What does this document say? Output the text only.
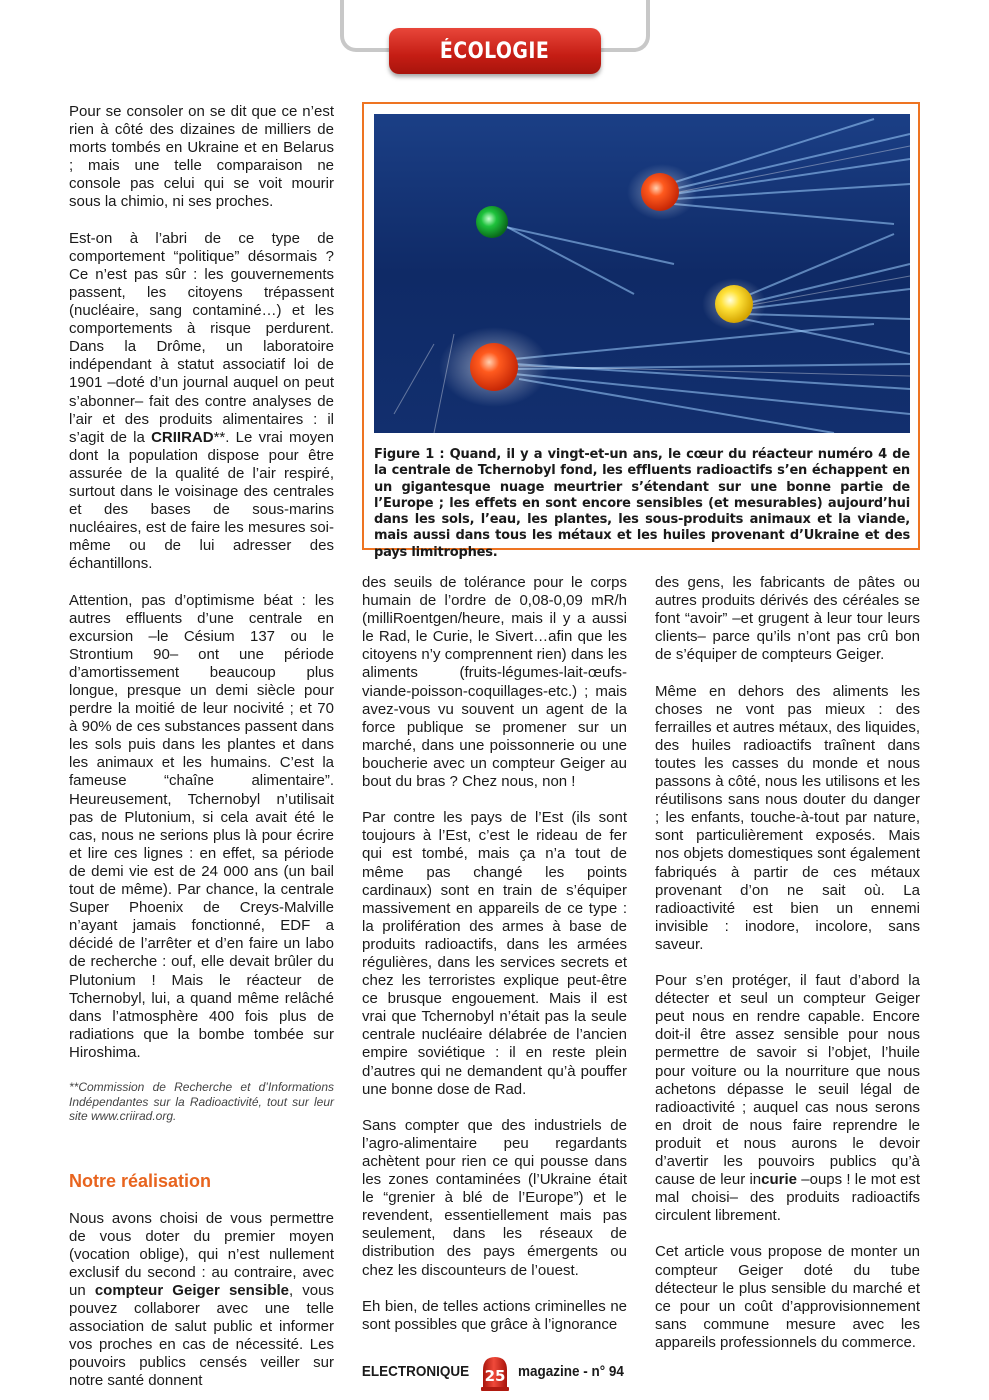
ÉCOLOGIE

Pour se consoler on se dit que ce n’est rien à côté des dizaines de milliers de morts tombés en Ukraine et en Belarus ; mais une telle comparaison ne console pas celui qui se voit mourir sous la chimio, ni ses proches.

Est-on à l’abri de ce type de comportement “politique” désormais ? Ce n’est pas sûr : les gouvernements passent, les citoyens trépassent (nucléaire, sang contaminé…) et les comportements à risque perdurent. Dans la Drôme, un laboratoire indépendant à statut associatif loi de 1901 –doté d’un journal auquel on peut s’abonner– fait des contre analyses de l’air et des produits alimentaires : il s’agit de la CRIIRAD**. Le vrai moyen dont la population dispose pour être assurée de la qualité de l’air respiré, surtout dans le voisinage des centrales et des bases de sous-marins nucléaires, est de faire les mesures soi-même ou de lui adresser des échantillons.

Attention, pas d’optimisme béat : les autres effluents d’une centrale en excursion –le Césium 137 ou le Strontium 90– ont une période d’amortissement beaucoup plus longue, presque un demi siècle pour perdre la moitié de leur nocivité ; et 70 à 90% de ces substances passent dans les sols puis dans les plantes et dans les animaux et les humains. C’est la fameuse “chaîne alimentaire”. Heureusement, Tchernobyl n’utilisait pas de Plutonium, si cela avait été le cas, nous ne serions plus là pour écrire et lire ces lignes : en effet, sa période de demi vie est de 24 000 ans (un bail tout de même). Par chance, la centrale Super Phoenix de Creys-Malville n’ayant jamais fonctionné, EDF a décidé de l’arrêter et d’en faire un labo de recherche : ouf, elle devait brûler du Plutonium ! Mais le réacteur de Tchernobyl, lui, a quand même relâché dans l’atmosphère 400 fois plus de radiations que la bombe tombée sur Hiroshima.

**Commission de Recherche et d’Informations Indépendantes sur la Radioactivité, tout sur leur site www.criirad.org.

Notre réalisation

Nous avons choisi de vous permettre de vous doter du premier moyen (vocation oblige), qui n’est nullement exclusif du second : au contraire, avec un compteur Geiger sensible, vous pouvez collaborer avec une telle association de salut public et informer vos proches en cas de nécessité. Les pouvoirs publics censés veiller sur notre santé donnent

Figure 1 : Quand, il y a vingt-et-un ans, le cœur du réacteur numéro 4 de la centrale de Tchernobyl fond, les effluents radioactifs s’en échappent en un gigantesque nuage meurtrier s’étendant sur une bonne partie de l’Europe ; les effets en sont encore sensibles (et mesurables) aujourd’hui dans les sols, l’eau, les plantes, les sous-produits animaux et la viande, mais aussi dans tous les métaux et les huiles provenant d’Ukraine et des pays limitrophes.

des seuils de tolérance pour le corps humain de l’ordre de 0,08-0,09 mR/h (milliRoentgen/heure, mais il y a aussi le Rad, le Curie, le Sivert…afin que les citoyens n’y comprennent rien) dans les aliments (fruits-légumes-lait-œufs-viande-poisson-coquillages-etc.) ; mais avez-vous vu souvent un agent de la force publique se promener sur un marché, dans une poissonnerie ou une boucherie avec un compteur Geiger au bout du bras ? Chez nous, non !

Par contre les pays de l’Est (ils sont toujours à l’Est, c’est le rideau de fer qui est tombé, mais ça n’a tout de même pas changé les points cardinaux) sont en train de s’équiper massivement en appareils de ce type : la prolifération des armes à base de produits radioactifs, dans les armées régulières, dans les services secrets et chez les terroristes explique peut-être ce brusque engouement. Mais il est vrai que Tchernobyl n’était pas la seule centrale nucléaire délabrée de l’ancien empire soviétique : il en reste plein d’autres qui ne demandent qu’à pouffer une bonne dose de Rad.

Sans compter que des industriels de l’agro-alimentaire peu regardants achètent pour rien ce qui pousse dans les zones contaminées (l’Ukraine était le “grenier à blé de l’Europe”) et le revendent, essentiellement mais pas seulement, dans les réseaux de distribution des pays émergents ou chez les discounteurs de l’ouest.

Eh bien, de telles actions criminelles ne sont possibles que grâce à l’ignorance

des gens, les fabricants de pâtes ou autres produits dérivés des céréales se font “avoir” –et grugent à leur tour leurs clients– parce qu’ils n’ont pas crû bon de s’équiper de compteurs Geiger.

Même en dehors des aliments les choses ne vont pas mieux : des ferrailles et autres métaux, des liquides, des huiles radioactifs traînent dans toutes les casses du monde et nous passons à côté, nous les utilisons et les réutilisons sans nous douter du danger ; les enfants, touche-à-tout par nature, sont particulièrement exposés. Mais nos objets domestiques sont également fabriqués à partir de ces métaux provenant d’on ne sait où. La radioactivité est bien un ennemi invisible : inodore, incolore, sans saveur.

Pour s’en protéger, il faut d’abord la détecter et seul un compteur Geiger peut nous en rendre capable. Encore doit-il être assez sensible pour nous permettre de savoir si l’objet, l’huile pour voiture ou la nourriture que nous achetons dépasse le seuil légal de radioactivité ; auquel cas nous serons en droit de nous faire reprendre le produit et nous aurons le devoir d’avertir les pouvoirs publics qu’à cause de leur incurie –oups ! le mot est mal choisi– des produits radioactifs circulent librement.

Cet article vous propose de monter un compteur Geiger doté du tube détecteur le plus sensible du marché et ce pour un coût d’approvisionnement sans commune mesure avec les appareils professionnels du commerce.

ELECTRONIQUE 25 magazine - n° 94
